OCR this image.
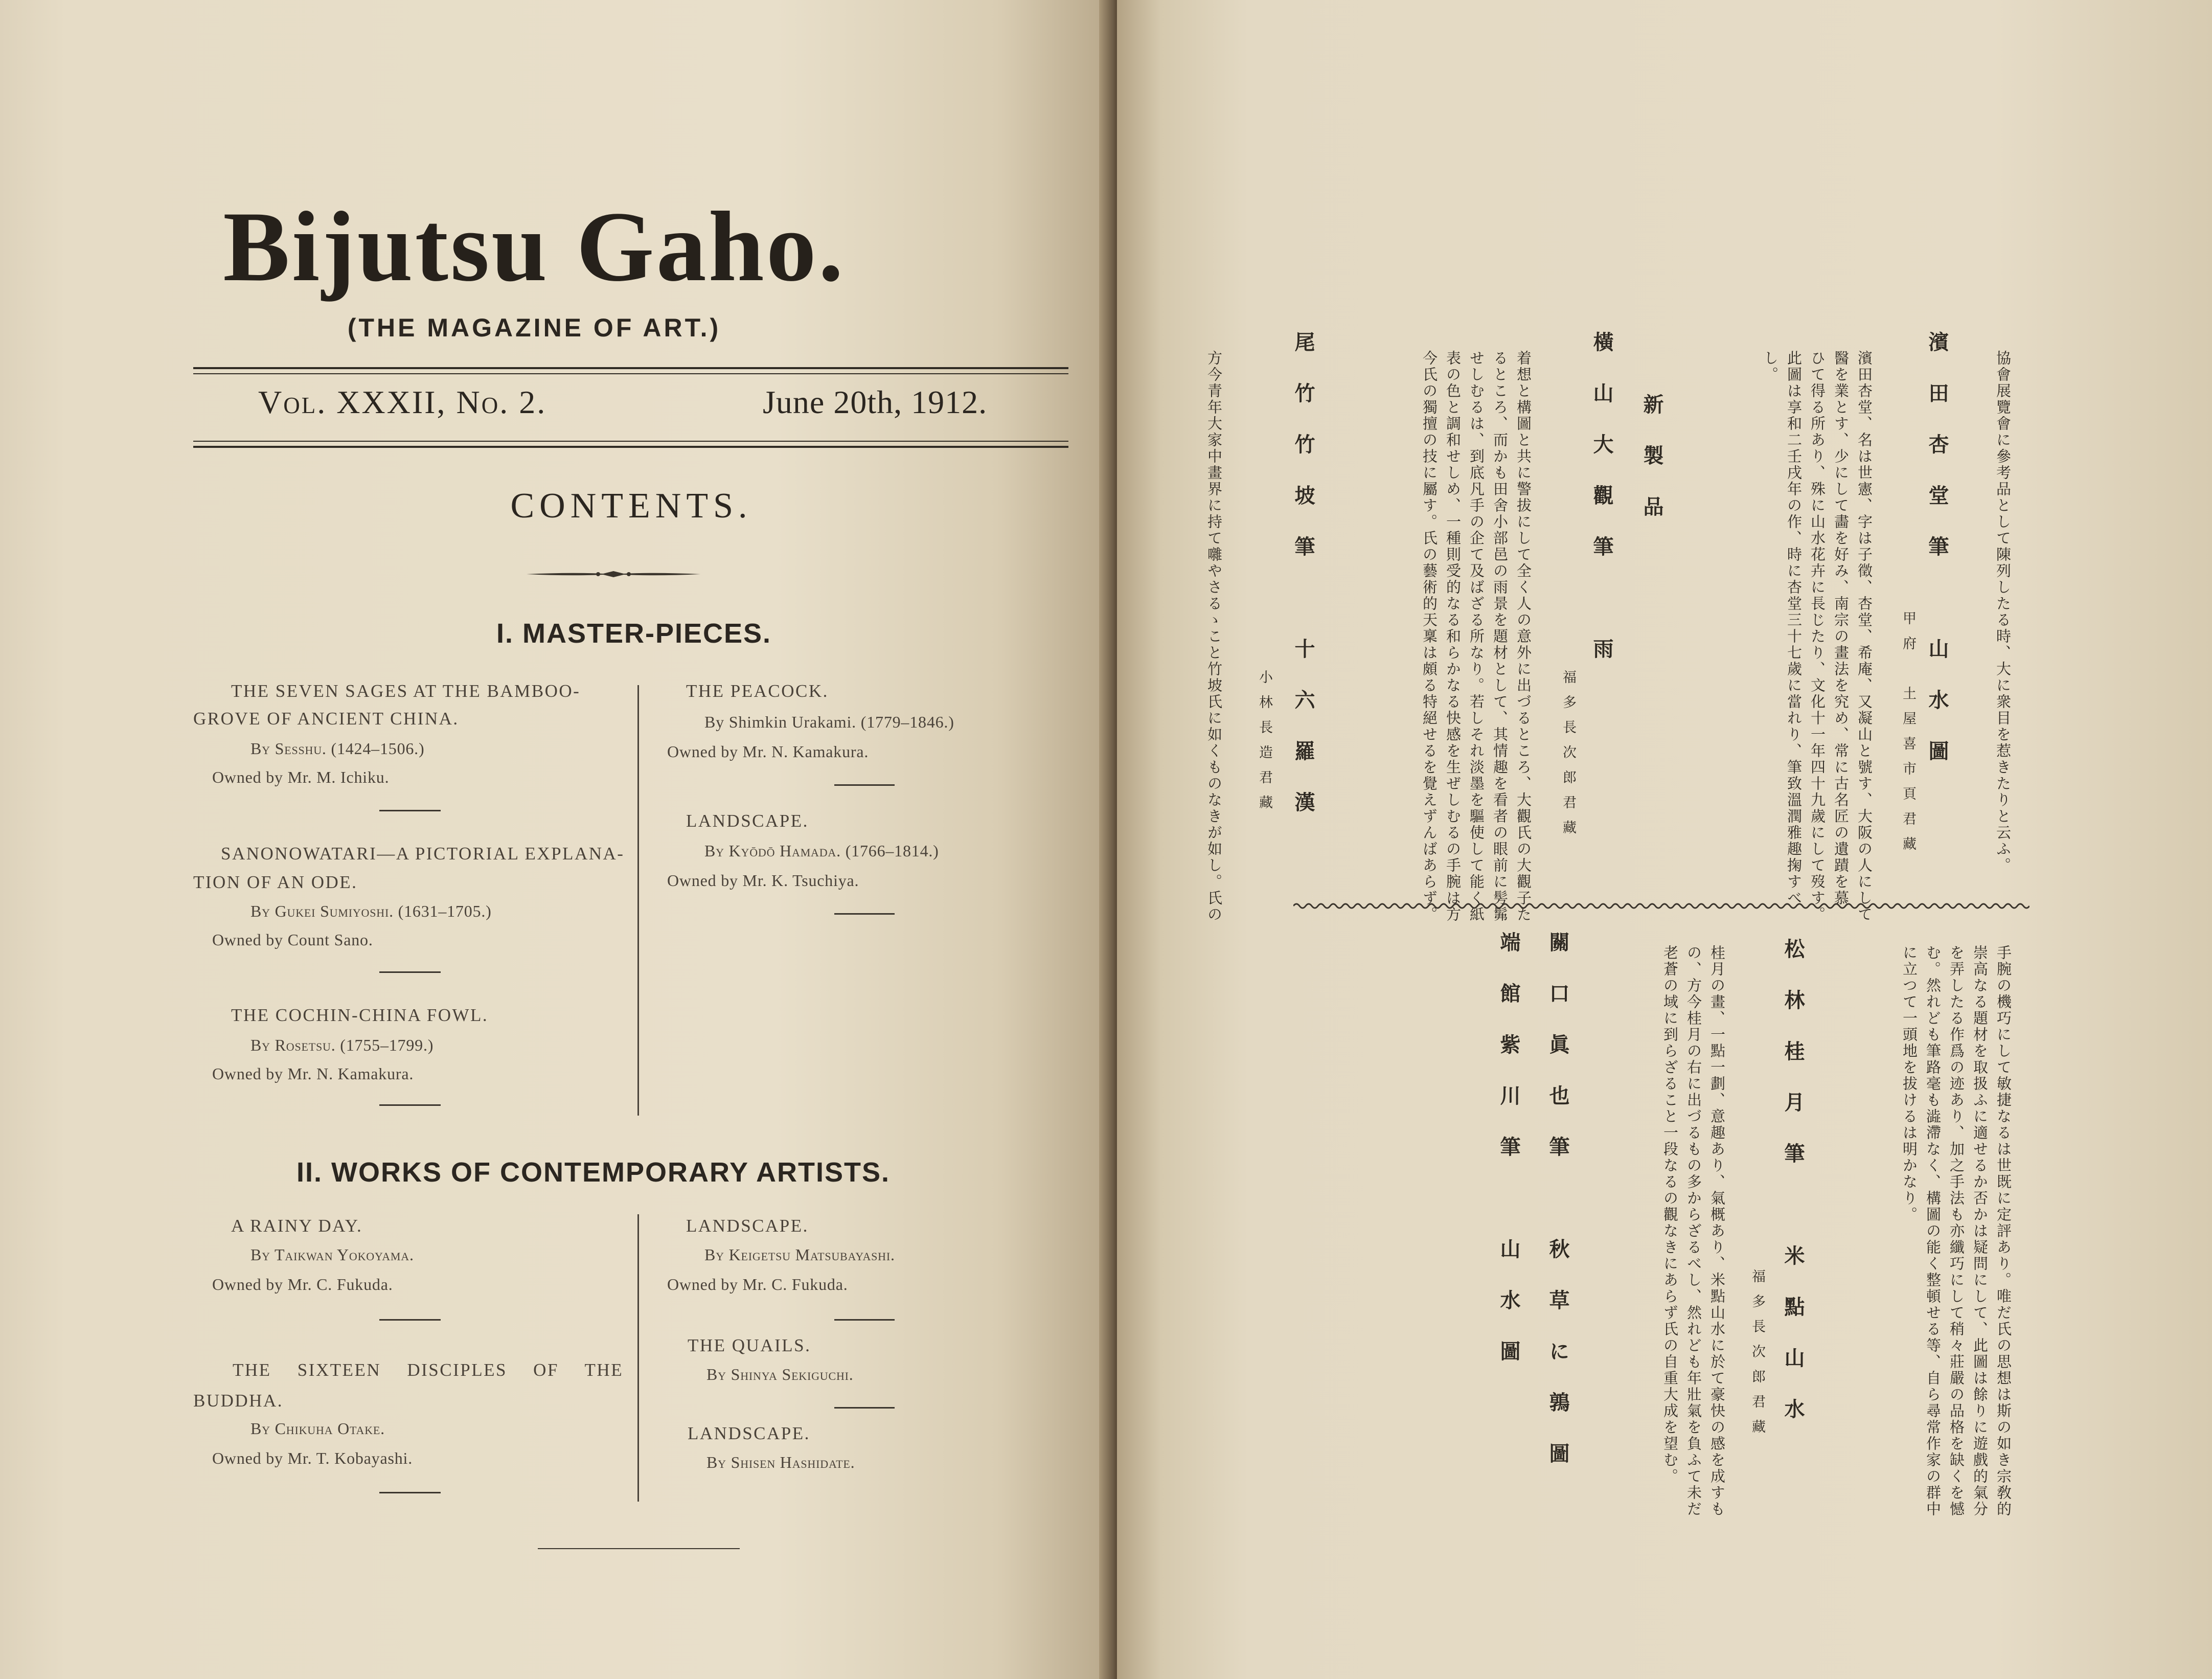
Bijutsu Gaho.
(THE MAGAZINE OF ART.)
Vol. XXXII, No. 2.	June 20th, 1912.
CONTENTS.
I. MASTER-PIECES.
THE SEVEN SAGES AT THE BAMBOO-
GROVE OF ANCIENT CHINA.
By Sesshu. (1424–1506.)
Owned by Mr. M. Ichiku.
SANONOWATARI—A PICTORIAL EXPLANA-
TION OF AN ODE.
By Gukei Sumiyoshi. (1631–1705.)
Owned by Count Sano.
THE COCHIN-CHINA FOWL.
By Rosetsu. (1755–1799.)
Owned by Mr. N. Kamakura.
THE PEACOCK.
By Shimkin Urakami. (1779–1846.)
Owned by Mr. N. Kamakura.
LANDSCAPE.
By Kyōdō Hamada. (1766–1814.)
Owned by Mr. K. Tsuchiya.
II. WORKS OF CONTEMPORARY ARTISTS.
A RAINY DAY.
By Taikwan Yokoyama.
Owned by Mr. C. Fukuda.
THE SIXTEEN DISCIPLES OF THE
BUDDHA.
By Chikuha Otake.
Owned by Mr. T. Kobayashi.
LANDSCAPE.
By Keigetsu Matsubayashi.
Owned by Mr. C. Fukuda.
THE QUAILS.
By Shinya Sekiguchi.
LANDSCAPE.
By Shisen Hashidate.
協會展覽會に參考品として陳列したる時、大に衆目を惹きたりと云ふ。
濱田杏堂筆　山水圖
甲府　土屋喜市頁君藏
濱田杏堂、名は世憲、字は子徵、杏堂、希庵、又凝山と號す、大阪の人にして
醫を業とす、少にして畵を好み、南宗の畫法を究め、常に古名匠の遺蹟を慕
ひて得る所あり、殊に山水花卉に長じたり、文化十一年四十九歲にして歿す。
此圖は享和二壬戌年の作、時に杏堂三十七歲に當れり、筆致溫潤雅趣掬すべ
し。
新製品
橫山大觀筆　雨
福多長次郎君藏
着想と構圖と共に警拔にして全く人の意外に出づるところ、大觀氏の大觀子た
るところ、而かも田舍小部邑の雨景を題材として、其情趣を看者の眼前に髣髴
せしむるは、到底凡手の企て及ばざる所なり。若しそれ淡墨を驅使して能く紙
表の色と調和せしめ、一種則受的なる和らかなる快感を生ぜしむるの手腕は方
今氏の獨擅の技に屬す。氏の藝術的天稟は頗る特絕せるを覺えずんばあらず。
尾竹竹坡筆　十六羅漢
小林長造君藏
方今青年大家中畫界に持て囃やさるゝこと竹坡氏に如くものなきが如し。氏の
手腕の機巧にして敏捷なるは世既に定評あり。唯だ氏の思想は斯の如き宗敎的
崇高なる題材を取扱ふに適せるか否かは疑問にして、此圖は餘りに遊戲的氣分
を弄したる作爲の迹あり、加之手法も亦纖巧にして稍々莊嚴の品格を缺くを憾
む。然れども筆路毫も澁滯なく、構圖の能く整頓せる等、自ら尋常作家の群中
に立つて一頭地を拔けるは明かなり。
松林桂月筆　米點山水
福多長次郎君藏
桂月の畫、一點一劃、意趣あり、氣概あり、米點山水に於て豪快の感を成すも
の、方今桂月の右に出づるもの多からざるべし、然れども年壯氣を負ふて未だ
老蒼の域に到らざること一段なるの觀なきにあらず氏の自重大成を望む。
關口眞也筆　秋草に鶉圖
端館紫川筆　山水圖
